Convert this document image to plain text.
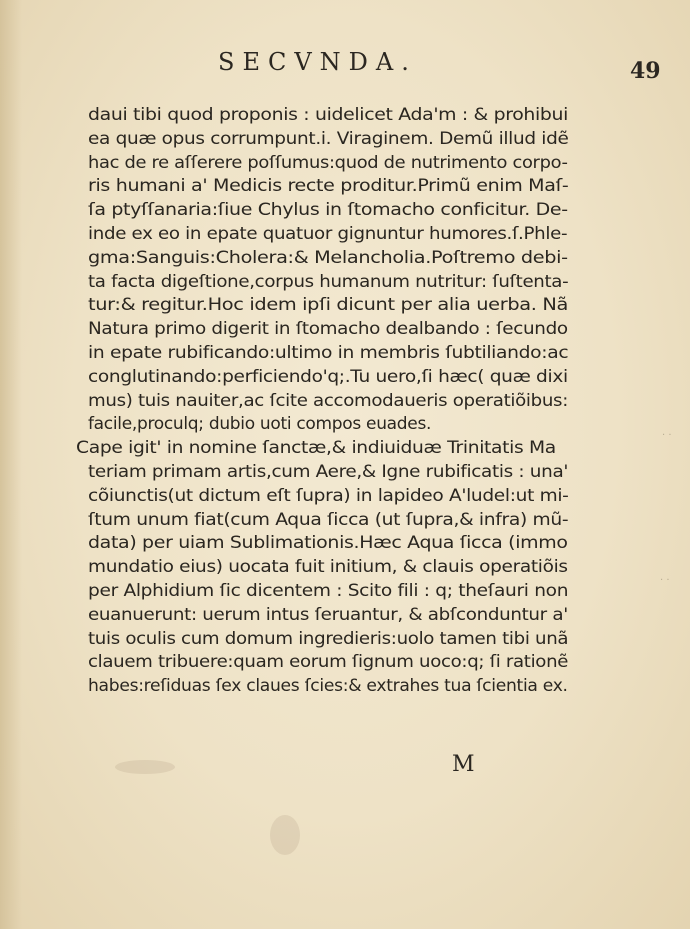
SECVNDA.	49
daui tibi quod proponis : uidelicet Ada'm : & prohibui
ea quæ opus corrumpunt.i. Viraginem. Demũ illud idẽ
hac de re aſſerere poſſumus:quod de nutrimento corpo-
ris humani a' Medicis recte proditur.Primũ enim Maſ-
ſa ptyſſanaria:ſiue Chylus in ſtomacho conficitur. De-
inde ex eo in epate quatuor gignuntur humores.ſ.Phle-
gma:Sanguis:Cholera:& Melancholia.Poſtremo debi-
ta facta digeſtione,corpus humanum nutritur: ſuſtenta-
tur:& regitur.Hoc idem ipſi dicunt per alia uerba. Nã
Natura primo digerit in ſtomacho dealbando : ſecundo
in epate rubificando:ultimo in membris ſubtiliando:ac
conglutinando:perficiendo'q;.Tu uero,ſi hæc( quæ dixi
mus) tuis nauiter,ac ſcite accomodaueris operatiõibus:
facile,proculq; dubio uoti compos euades.
Cape igit' in nomine ſanctæ,& indiuiduæ Trinitatis Ma
teriam primam artis,cum Aere,& Igne rubificatis : una'
cõiunctis(ut dictum eſt ſupra) in lapideo A'ludel:ut mi-
ſtum unum fiat(cum Aqua ſicca (ut ſupra,& infra) mũ-
data) per uiam Sublimationis.Hæc Aqua ſicca (immo
mundatio eius) uocata fuit initium, & clauis operatiõis
per Alphidium ſic dicentem : Scito fili : q; theſauri non
euanuerunt: uerum intus ſeruantur, & abſconduntur a'
tuis oculis cum domum ingredieris:uolo tamen tibi unã
clauem tribuere:quam eorum ſignum uoco:q; ſi rationẽ
habes:reſiduas ſex claues ſcies:& extrahes tua ſcientia ex.
M
· ·
· ·
